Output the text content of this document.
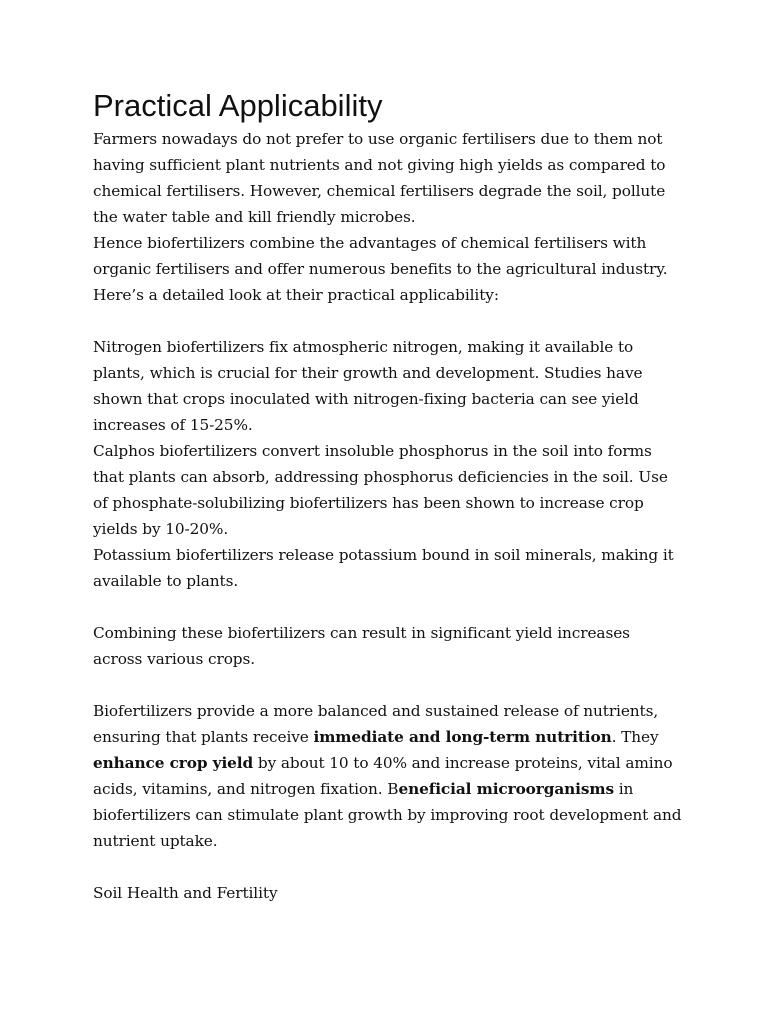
Practical Applicability

Farmers nowadays do not prefer to use organic fertilisers due to them not having sufficient plant nutrients and not giving high yields as compared to chemical fertilisers. However, chemical fertilisers degrade the soil, pollute the water table and kill friendly microbes.

Hence biofertilizers combine the advantages of chemical fertilisers with organic fertilisers and offer numerous benefits to the agricultural industry. Here’s a detailed look at their practical applicability:

Nitrogen biofertilizers fix atmospheric nitrogen, making it available to plants, which is crucial for their growth and development. Studies have shown that crops inoculated with nitrogen-fixing bacteria can see yield increases of 15-25%.

Calphos biofertilizers convert insoluble phosphorus in the soil into forms that plants can absorb, addressing phosphorus deficiencies in the soil. Use of phosphate-solubilizing biofertilizers has been shown to increase crop yields by 10-20%.

Potassium biofertilizers release potassium bound in soil minerals, making it available to plants.

Combining these biofertilizers can result in significant yield increases across various crops.

Biofertilizers provide a more balanced and sustained release of nutrients, ensuring that plants receive immediate and long-term nutrition. They enhance crop yield by about 10 to 40% and increase proteins, vital amino acids, vitamins, and nitrogen fixation. Beneficial microorganisms in biofertilizers can stimulate plant growth by improving root development and nutrient uptake.

Soil Health and Fertility
